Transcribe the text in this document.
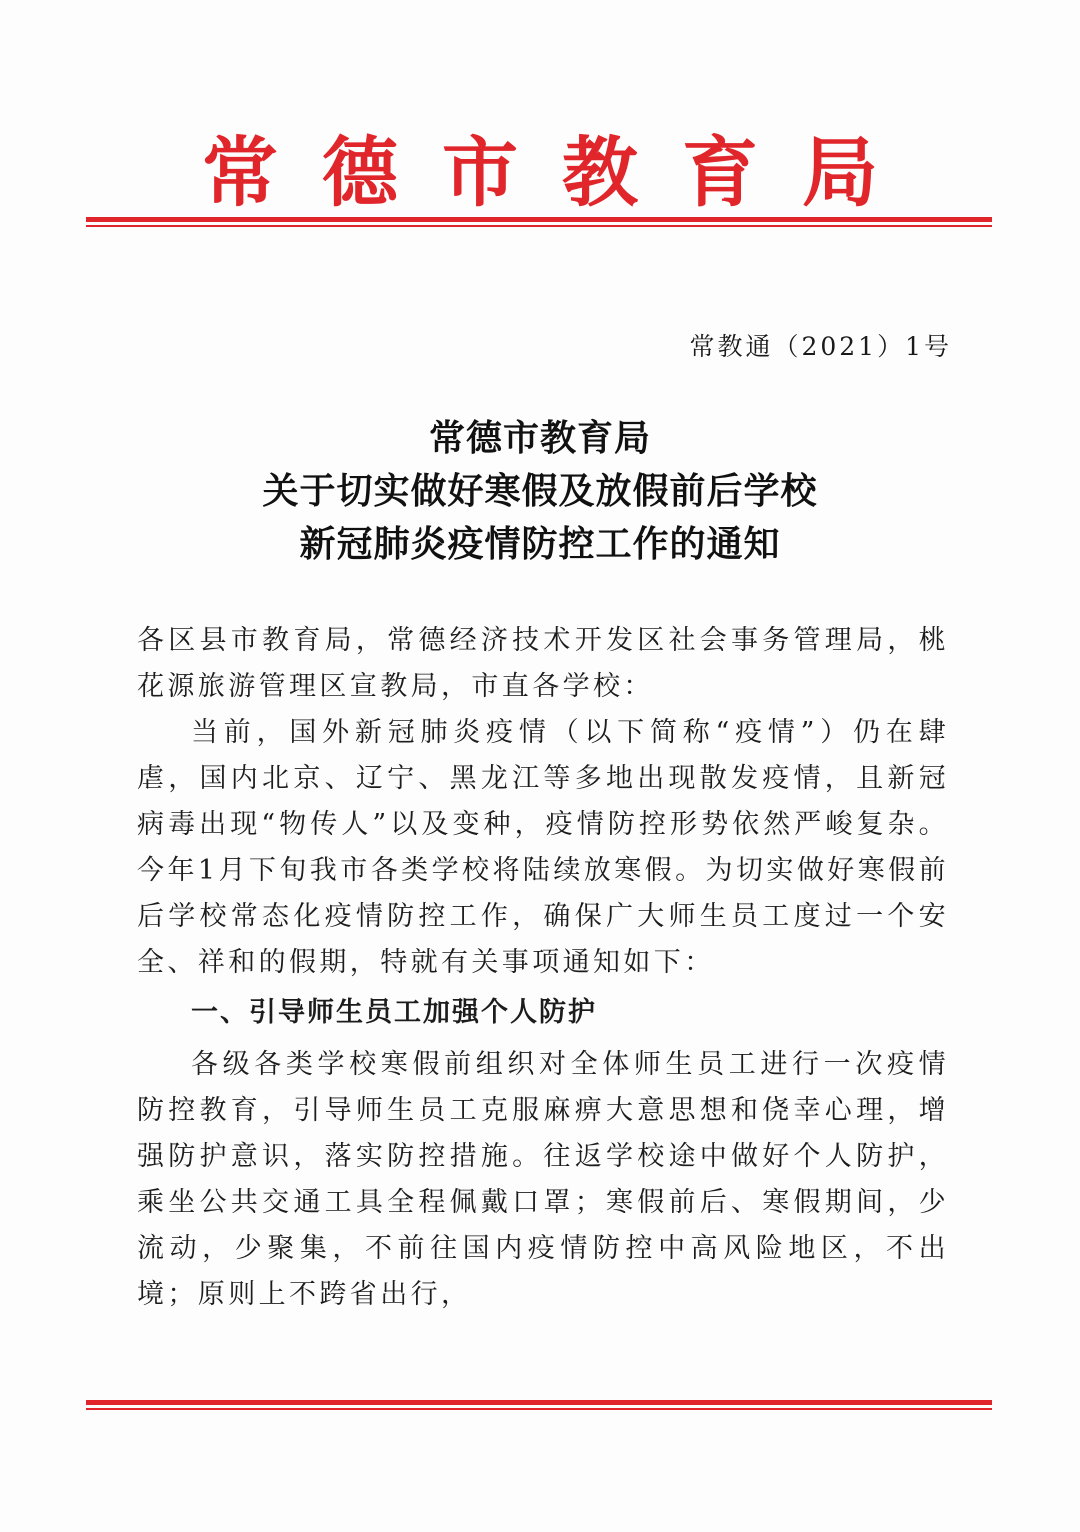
常德市教育局
常教通（2021）1号
常德市教育局
关于切实做好寒假及放假前后学校
新冠肺炎疫情防控工作的通知

各区县市教育局，常德经济技术开发区社会事务管理局，桃花源旅游管理区宣教局，市直各学校：

当前，国外新冠肺炎疫情（以下简称“疫情”）仍在肆虐，国内北京、辽宁、黑龙江等多地出现散发疫情，且新冠病毒出现“物传人”以及变种，疫情防控形势依然严峻复杂。今年1月下旬我市各类学校将陆续放寒假。为切实做好寒假前后学校常态化疫情防控工作，确保广大师生员工度过一个安全、祥和的假期，特就有关事项通知如下：

一、引导师生员工加强个人防护

各级各类学校寒假前组织对全体师生员工进行一次疫情防控教育，引导师生员工克服麻痹大意思想和侥幸心理，增强防护意识，落实防控措施。往返学校途中做好个人防护，乘坐公共交通工具全程佩戴口罩；寒假前后、寒假期间，少流动，少聚集，不前往国内疫情防控中高风险地区，不出境；原则上不跨省出行，
